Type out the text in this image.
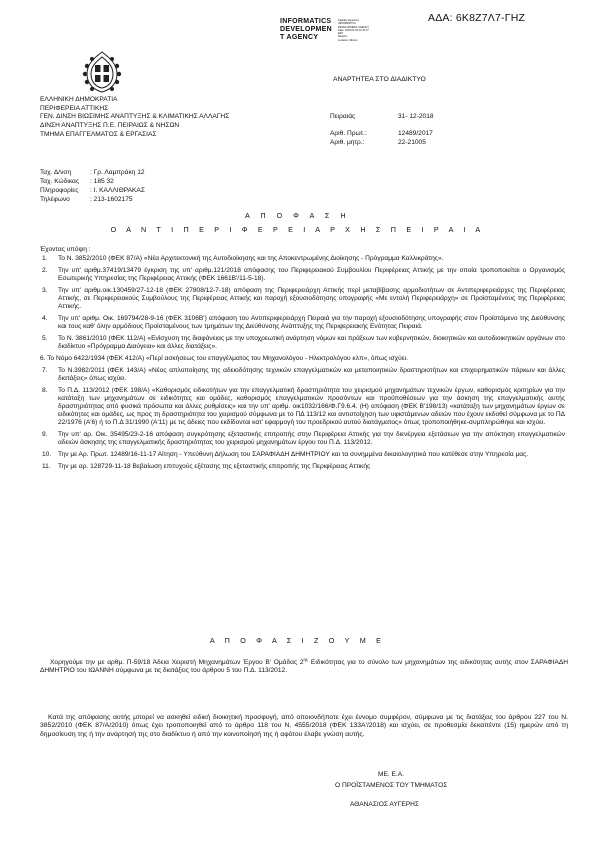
ΑΔΑ: 6Κ8Ζ7Λ7-ΓΗΖ
INFORMATICS
DEVELOPMEN
T AGENCY
Digitally signed by
INFORMATICS
DEVELOPMENT AGENCY
Date: 2019.01.03 12:16:17
EET
Reason:
Location: Athens
ΑΝΑΡΤΗΤΕΑ ΣΤΟ ΔΙΑΔΙΚΤΥΟ
ΕΛΛΗΝΙΚΗ ΔΗΜΟΚΡΑΤΙΑ
ΠΕΡΙΦΕΡΕΙΑ ΑΤΤΙΚΗΣ
ΓΕΝ. ΔΙΝΣΗ ΒΙΩΣΙΜΗΣ ΑΝΑΠΤΥΞΗΣ & ΚΛΙΜΑΤΙΚΗΣ ΑΛΛΑΓΗΣ
ΔΙΝΣΗ ΑΝΑΠΤΥΞΗΣ Π.Ε. ΠΕΙΡΑΙΩΣ & ΝΗΣΩΝ
ΤΜΗΜΑ ΕΠΑΓΓΕΛΜΑΤΟΣ & ΕΡΓΑΣΙΑΣ
Πειραιάς	31- 12-2018

Αριθ. Πρωτ.:	12489/2017
Αριθ. μητρ.:	22-21005
Ταχ. Δ/νση	: Γρ. Λαμπράκη 12
Ταχ. Κώδικας : 185 32
Πληροφορίες : Ι. ΚΑΛΛΙΘΡΑΚΑΣ
Τηλέφωνο	: 213-1602175
Α Π Ο Φ Α Σ Η
Ο Α Ν Τ Ι Π Ε Ρ Ι Φ Ε Ρ Ε Ι Α Ρ Χ Η Σ Π Ε Ι Ρ Α Ι Α
Έχοντας υπόψη :
1. Το Ν. 3852/2010 (ΦΕΚ 87/Α) «Νέα Αρχιτεκτονική της Αυτοδιοίκησης και της Αποκεντρωμένης Διοίκησης - Πρόγραμμα Καλλικράτης».
2. Την υπ' αριθμ.37419/13479 έγκριση της υπ' αριθμ.121/2018 απόφασης του Περιφερειακού Συμβουλίου Περιφέρειας Αττικής με την οποία τροποποιείται ο Οργανισμός Εσωτερικής Υπηρεσίας της Περιφέρειας Αττικής (ΦΕΚ 1661Β'/11-5-18).
3. Την υπ' αριθμ.οικ.130459/27-12-18 (ΦΕΚ 27808/12-7-18) απόφαση της Περιφερειάρχη Αττικής περί μεταβίβασης αρμοδιοτήτων σε Αντιπεριφερειάρχες της Περιφέρειας Αττικής, σε Περιφερειακούς Συμβούλους της Περιφέρειας Αττικής και παροχή εξουσιοδότησης υπογραφής «Με εντολή Περιφερειάρχη» σε Προϊσταμένους της Περιφέρειας Αττικής.
4. Την υπ' αριθμ. Οικ. 169794/28-9-16 (ΦΕΚ 3106Β') απόφαση του Αντιπεριφερειάρχη Πειραιά για την παροχή εξουσιοδότησης υπογραφής στον Προϊστάμενο της Διεύθυνσης και τους καθ' όλην αρμόδιους Προϊσταμένους των τμημάτων της Διεύθυνσης Ανάπτυξης της Περιφερειακής Ενότητας Πειραιά.
5. Το Ν. 3861/2010 (ΦΕΚ 112/Α) «Ενίσχυση της διαφάνειας με την υποχρεωτική ανάρτηση νόμων και πράξεων των κυβερνητικών, διοικητικών και αυτοδιοικητικών οργάνων στο διαδίκτυο «Πρόγραμμα Διαύγεια» και άλλες διατάξεις».
6. Το Νόμο 6422/1934 (ΦΕΚ 412/Α) «Περί ασκήσεως του επαγγέλματος του Μηχανολόγου - Ηλεκτρολόγου κλπ», όπως ισχύει.
7. Το Ν.3982/2011 (ΦΕΚ 143/Α) «Νέος απλοποίησης της αδειοδότησης τεχνικών επαγγελματικών και μεταποιητικών δραστηριοτήτων και επιχειρηματικών πάρκων και άλλες διατάξεις» όπως ισχύει.
8. Το Π.Δ. 113/2012 (ΦΕΚ 198/Α) «Καθορισμός ειδικοτήτων για την επαγγελματική δραστηριότητα του χειρισμού μηχανημάτων τεχνικών έργων, καθορισμός κριτηρίων για την κατάταξη των μηχανημάτων σε ειδικότητες και ομάδες, καθορισμός επαγγελματικών προσόντων και προϋποθέσεων για την άσκηση της επαγγελματικής αυτής δραστηριότητας από φυσικά πρόσωπα και άλλες ρυθμίσεις» και την υπ' αριθμ. οικ1032/166/Φ.Γ9.6.4. (Η) απόφαση (ΦΕΚ Β'198/13) «κατάταξη των μηχανημάτων έργων σε ειδικότητες και ομάδες, ως προς τη δραστηριότητα του χειρισμού σύμφωνα με το ΠΔ 113/12 και αντιστοίχηση των υφιστάμενων αδειών που έχουν εκδοθεί σύμφωνα με το ΠΔ 22/1976 (Α'6) ή το Π.Δ 31/1990 (Α'11) με τις άδειες που εκδίδονται κατ' εφαρμογή του προεδρικού αυτού διατάγματος» όπως τροποποιήθηκε-συμπληρώθηκε και ισχύει.
9. Την υπ' αρ. Οικ. 35495/23-2-16 απόφαση συγκρότησης εξεταστικής επιτροπής στην Περιφέρεια Αττικής για την διενέργεια εξετάσεων για την απόκτηση επαγγελματικών αδειών άσκησης της επαγγελματικής δραστηριότητας του χειρισμού μηχανημάτων έργου του Π.Δ. 113/2012.
10. Την με Αρ. Πρωτ. 12489/16-11-17 Αίτηση - Υπεύθυνη Δήλωση του ΣΑΡΑΦΙΑΔΗ ΔΗΜΗΤΡΙΟΥ και τα συνημμένα δικαιολογητικά που κατέθεσε στην Υπηρεσία μας.
11. Την με αρ. 128729-11-18 Βεβαίωση επιτυχούς εξέτασης της εξεταστικής επιτροπής της Περιφέρειας Αττικής
Α Π Ο Φ Α Σ Ι Ζ Ο Υ Μ Ε
Χορηγούμε την με αρθμ. Π-59/18 Άδεια Χειριστή Μηχανημάτων Έργου Β' Ομάδας $2^{\eta\varsigma}$ Ειδικότητας για το σύνολο των μηχανημάτων της ειδικότητας αυτής στον ΣΑΡΑΦΙΑΔΗ ΔΗΜΗΤΡΙΟ του ΙΩΑΝΝΗ σύμφωνα με τις διατάξεις του άρθρου 5 του Π.Δ. 113/2012.
Κατά της απόφασης αυτής μπορεί να ασκηθεί ειδική διοικητική προσφυγή, από οποιονδήποτε έχει έννομο συμφέρον, σύμφωνα με τις διατάξεις του άρθρου 227 του Ν. 3852/2010 (ΦΕΚ 87/Α/2010) όπως έχει τροποποιηθεί από το άρθρο 118 του Ν. 4555/2018 (ΦΕΚ 133Α'/2018) και ισχύει, σε προθεσμία δεκαπέντε (15) ημερών από τη δημοσίευση της ή την ανάρτησή της στο διαδίκτυο ή από την κοινοποίησή της ή αφότου έλαβε γνώση αυτής.
ΜΕ. Ε.Α.
Ο ΠΡΟΪΣΤΑΜΕΝΟΣ ΤΟΥ ΤΜΗΜΑΤΟΣ
ΑΘΑΝΑΣΙΟΣ ΑΥΓΕΡΗΣ
